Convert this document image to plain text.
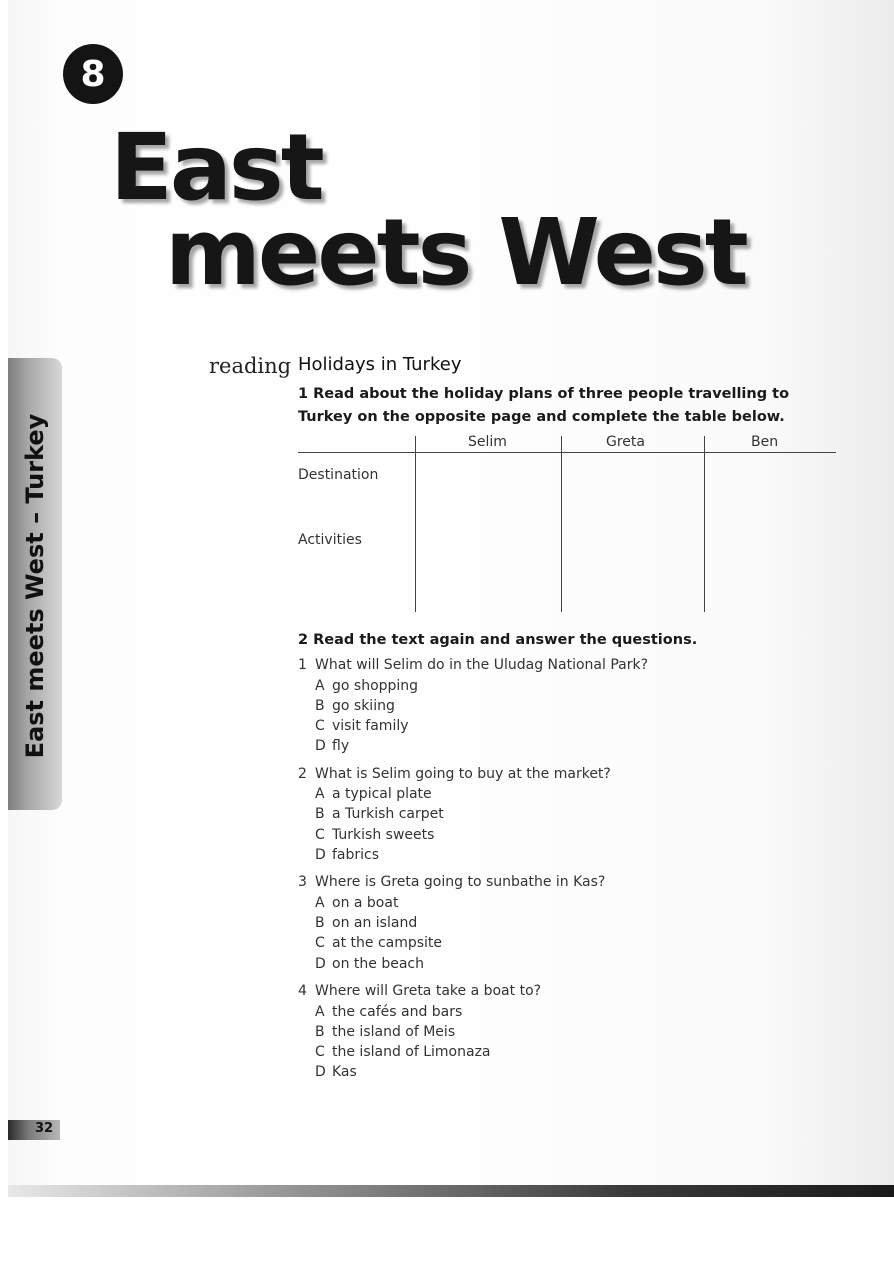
8
East
meets West
East meets West – Turkey
32
reading Holidays in Turkey
1 Read about the holiday plans of three people travelling to Turkey on the opposite page and complete the table below.
Selim	Greta	Ben
Destination
Activities
2 Read the text again and answer the questions.
1 What will Selim do in the Uludag National Park?
A go shopping
B go skiing
C visit family
D fly
2 What is Selim going to buy at the market?
A a typical plate
B a Turkish carpet
C Turkish sweets
D fabrics
3 Where is Greta going to sunbathe in Kas?
A on a boat
B on an island
C at the campsite
D on the beach
4 Where will Greta take a boat to?
A the cafés and bars
B the island of Meis
C the island of Limonaza
D Kas
